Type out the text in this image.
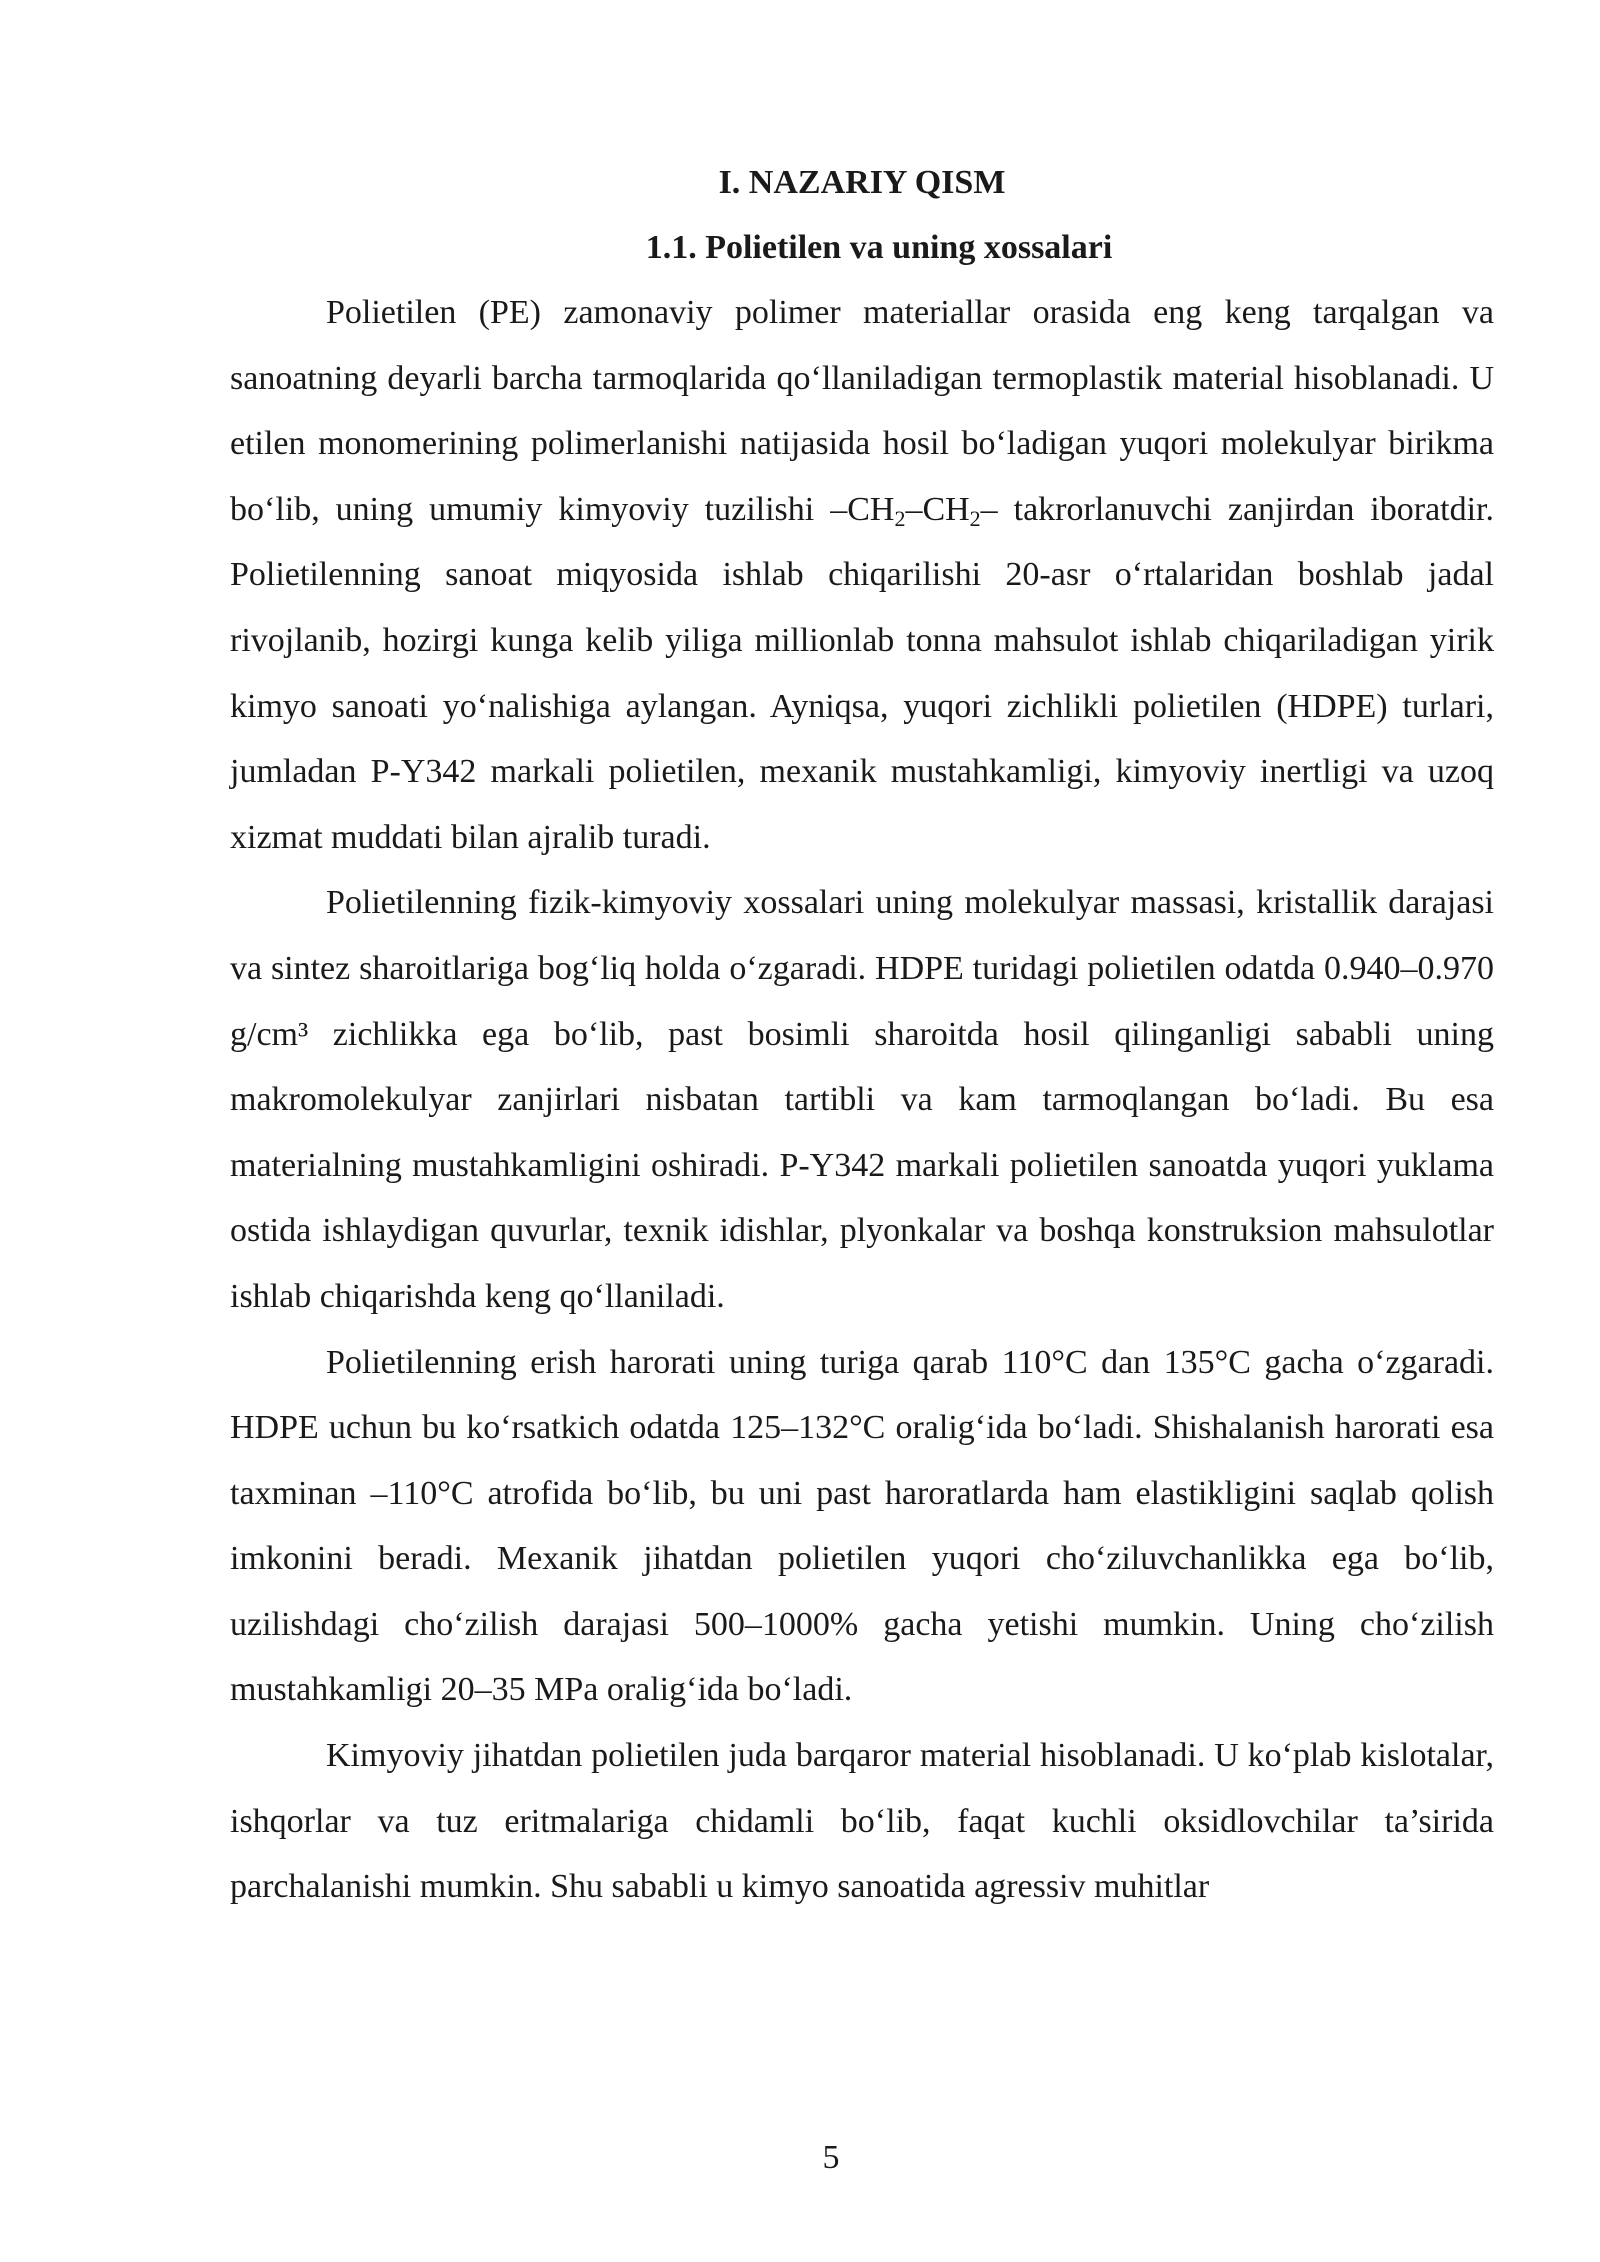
I. NAZARIY QISM
1.1. Polietilen va uning xossalari

Polietilen (PE) zamonaviy polimer materiallar orasida eng keng tarqalgan va sanoatning deyarli barcha tarmoqlarida qo‘llaniladigan termoplastik material hisoblanadi. U etilen monomerining polimerlanishi natijasida hosil bo‘ladigan yuqori molekulyar birikma bo‘lib, uning umumiy kimyoviy tuzilishi $-CH_2-CH_2-$ takrorlanuvchi zanjirdan iboratdir. Polietilenning sanoat miqyosida ishlab chiqarilishi 20-asr o‘rtalaridan boshlab jadal rivojlanib, hozirgi kunga kelib yiliga millionlab tonna mahsulot ishlab chiqariladigan yirik kimyo sanoati yo‘nalishiga aylangan. Ayniqsa, yuqori zichlikli polietilen (HDPE) turlari, jumladan P-Y342 markali polietilen, mexanik mustahkamligi, kimyoviy inertligi va uzoq xizmat muddati bilan ajralib turadi.

Polietilenning fizik-kimyoviy xossalari uning molekulyar massasi, kristallik darajasi va sintez sharoitlariga bog‘liq holda o‘zgaradi. HDPE turidagi polietilen odatda 0.940–0.970 g/cm³ zichlikka ega bo‘lib, past bosimli sharoitda hosil qilinganligi sababli uning makromolekulyar zanjirlari nisbatan tartibli va kam tarmoqlangan bo‘ladi. Bu esa materialning mustahkamligini oshiradi. P-Y342 markali polietilen sanoatda yuqori yuklama ostida ishlaydigan quvurlar, texnik idishlar, plyonkalar va boshqa konstruksion mahsulotlar ishlab chiqarishda keng qo‘llaniladi.

Polietilenning erish harorati uning turiga qarab 110°C dan 135°C gacha o‘zgaradi. HDPE uchun bu ko‘rsatkich odatda 125–132°C oralig‘ida bo‘ladi. Shishalanish harorati esa taxminan –110°C atrofida bo‘lib, bu uni past haroratlarda ham elastikligini saqlab qolish imkonini beradi. Mexanik jihatdan polietilen yuqori cho‘ziluvchanlikka ega bo‘lib, uzilishdagi cho‘zilish darajasi 500–1000% gacha yetishi mumkin. Uning cho‘zilish mustahkamligi 20–35 MPa oralig‘ida bo‘ladi.

Kimyoviy jihatdan polietilen juda barqaror material hisoblanadi. U ko‘plab kislotalar, ishqorlar va tuz eritmalariga chidamli bo‘lib, faqat kuchli oksidlovchilar ta’sirida parchalanishi mumkin. Shu sababli u kimyo sanoatida agressiv muhitlar

5
